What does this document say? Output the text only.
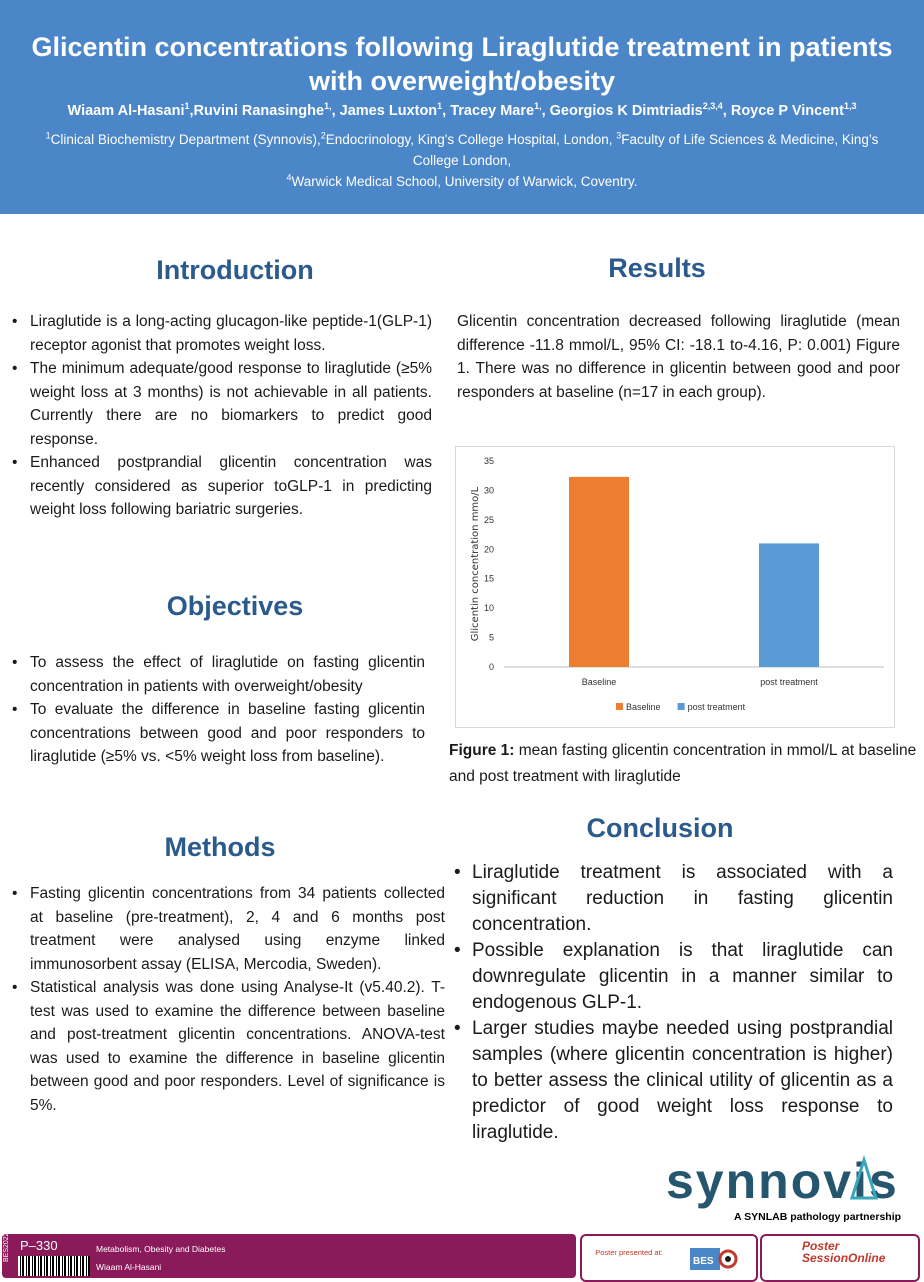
Glicentin concentrations following Liraglutide treatment in patients with overweight/obesity
Wiaam Al-Hasani$^1$,Ruvini Ranasinghe$^{1,}$, James Luxton$^1$, Tracey Mare$^{1,}$, Georgios K Dimtriadis$^{2,3,4}$, Royce P Vincent$^{1,3}$
$^1$Clinical Biochemistry Department (Synnovis),$^2$Endocrinology, King's College Hospital, London, $^3$Faculty of Life Sciences & Medicine, King’s College London,
$^4$Warwick Medical School, University of Warwick, Coventry.
Introduction
• Liraglutide is a long-acting glucagon-like peptide-1(GLP-1) receptor agonist that promotes weight loss.
• The minimum adequate/good response to liraglutide (≥5% weight loss at 3 months) is not achievable in all patients. Currently there are no biomarkers to predict good response.
• Enhanced postprandial glicentin concentration was recently considered as superior toGLP-1 in predicting weight loss following bariatric surgeries.
Objectives
• To assess the effect of liraglutide on fasting glicentin concentration in patients with overweight/obesity
• To evaluate the difference in baseline fasting glicentin concentrations between good and poor responders to liraglutide (≥5% vs. <5% weight loss from baseline).
Methods
• Fasting glicentin concentrations from 34 patients collected at baseline (pre-treatment), 2, 4 and 6 months post treatment were analysed using enzyme linked immunosorbent assay (ELISA, Mercodia, Sweden).
• Statistical analysis was done using Analyse-It (v5.40.2). T-test was used to examine the difference between baseline and post-treatment glicentin concentrations. ANOVA-test was used to examine the difference in baseline glicentin between good and poor responders. Level of significance is 5%.
Results
Glicentin concentration decreased following liraglutide (mean difference -11.8 mmol/L, 95% CI: -18.1 to-4.16, P: 0.001) Figure 1. There was no difference in glicentin between good and poor responders at baseline (n=17 in each group).
0
5
10
15
20
25
30
35
Glicentin concentration mmo/L
Baseline	post treatment
Baseline	post treatment
Figure 1: mean fasting glicentin concentration in mmol/L at baseline and post treatment with liraglutide
Conclusion
• Liraglutide treatment is associated with a significant reduction in fasting glicentin concentration.
• Possible explanation is that liraglutide can downregulate glicentin in a manner similar to endogenous GLP-1.
• Larger studies maybe needed using postprandial samples (where glicentin concentration is higher) to better assess the clinical utility of glicentin as a predictor of good weight loss response to liraglutide.
synnovis
A SYNLAB pathology partnership
BES2022 P–330	Metabolism, Obesity and Diabetes
Wiaam Al-Hasani
Poster presented at:
BES
Poster
SessionOnline
